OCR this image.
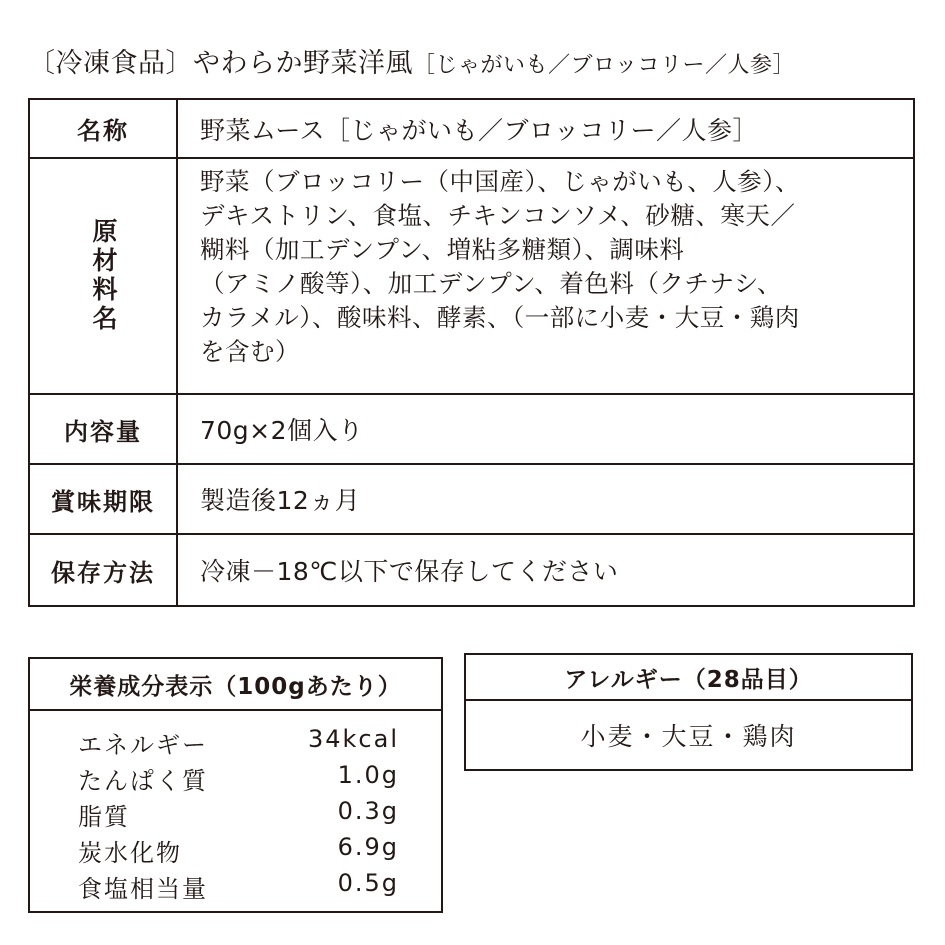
〔冷凍食品〕やわらか野菜洋風［じゃがいも／ブロッコリー／人参］
名称	野菜ムース［じゃがいも／ブロッコリー／人参］
原材料名
野菜（ブロッコリー（中国産）、じゃがいも、人参）、
デキストリン、食塩、チキンコンソメ、砂糖、寒天／
糊料（加工デンプン、増粘多糖類）、調味料
（アミノ酸等）、加工デンプン、着色料（クチナシ、
カラメル）、酸味料、酵素、（一部に小麦・大豆・鶏肉
を含む）
内容量	70g×2個入り
賞味期限	製造後12ヵ月
保存方法	冷凍－18℃以下で保存してください
栄養成分表示（100gあたり）
エネルギー	34kcal
たんぱく質	1.0g
脂質	0.3g
炭水化物	6.9g
食塩相当量	0.5g
アレルギー（28品目）
小麦・大豆・鶏肉
